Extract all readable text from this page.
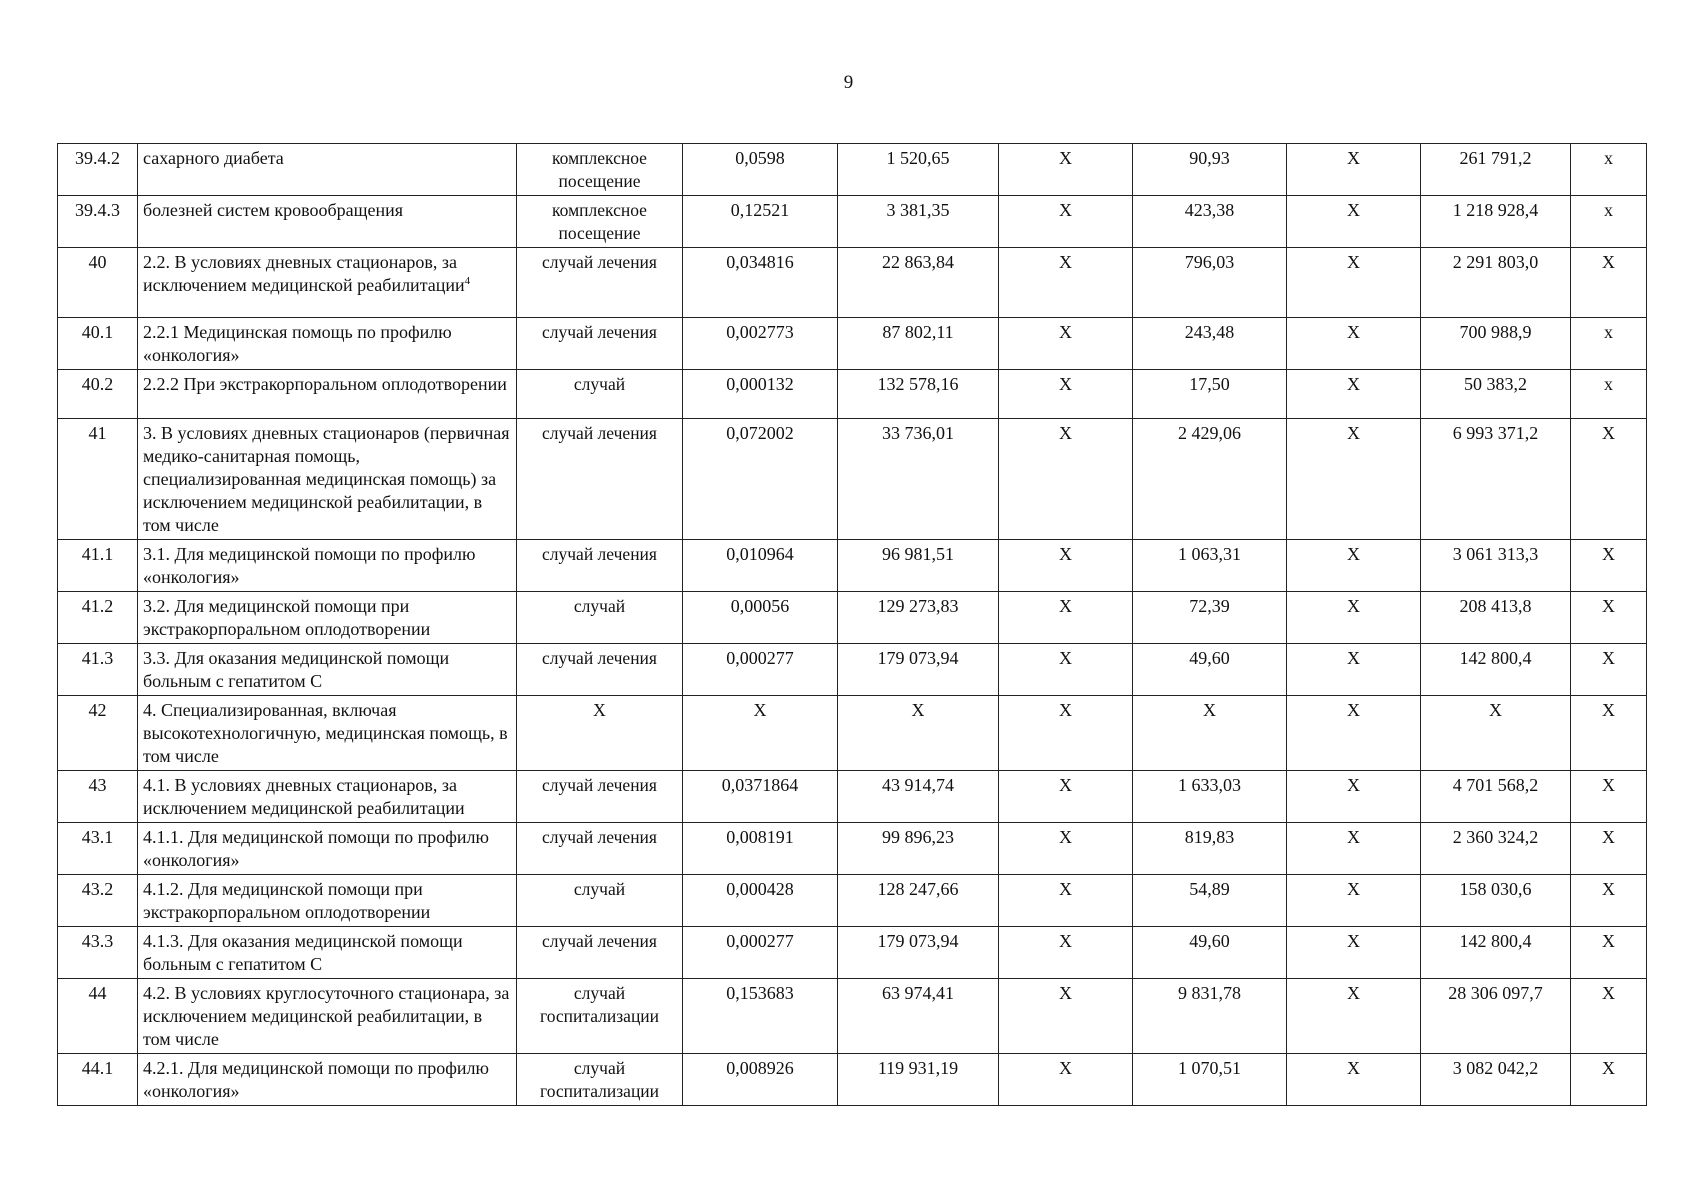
9
39.4.2	сахарного диабета	комплексное посещение	0,0598	1 520,65	Х	90,93	Х	261 791,2	х
39.4.3	болезней систем кровообращения	комплексное посещение	0,12521	3 381,35	Х	423,38	Х	1 218 928,4	х
40	2.2. В условиях дневных стационаров, за исключением медицинской реабилитации$^4$	случай лечения	0,034816	22 863,84	Х	796,03	Х	2 291 803,0	Х
40.1	2.2.1 Медицинская помощь по профилю «онкология»	случай лечения	0,002773	87 802,11	Х	243,48	Х	700 988,9	х
40.2	2.2.2 При экстракорпоральном оплодотворении	случай	0,000132	132 578,16	Х	17,50	Х	50 383,2	х
41	3. В условиях дневных стационаров (первичная медико-санитарная помощь, специализированная медицинская помощь) за исключением медицинской реабилитации, в том числе	случай лечения	0,072002	33 736,01	Х	2 429,06	Х	6 993 371,2	Х
41.1	3.1. Для медицинской помощи по профилю «онкология»	случай лечения	0,010964	96 981,51	Х	1 063,31	Х	3 061 313,3	Х
41.2	3.2. Для медицинской помощи при экстракорпоральном оплодотворении	случай	0,00056	129 273,83	Х	72,39	Х	208 413,8	Х
41.3	3.3. Для оказания медицинской помощи больным с гепатитом С	случай лечения	0,000277	179 073,94	Х	49,60	Х	142 800,4	Х
42	4. Специализированная, включая высокотехнологичную, медицинская помощь, в том числе	Х	Х	Х	Х	Х	Х	Х	Х
43	4.1. В условиях дневных стационаров, за исключением медицинской реабилитации	случай лечения	0,0371864	43 914,74	Х	1 633,03	Х	4 701 568,2	Х
43.1	4.1.1. Для медицинской помощи по профилю «онкология»	случай лечения	0,008191	99 896,23	Х	819,83	Х	2 360 324,2	Х
43.2	4.1.2. Для медицинской помощи при экстракорпоральном оплодотворении	случай	0,000428	128 247,66	Х	54,89	Х	158 030,6	Х
43.3	4.1.3. Для оказания медицинской помощи больным с гепатитом С	случай лечения	0,000277	179 073,94	Х	49,60	Х	142 800,4	Х
44	4.2. В условиях круглосуточного стационара, за исключением медицинской реабилитации, в том числе	случай госпитализации	0,153683	63 974,41	Х	9 831,78	Х	28 306 097,7	Х
44.1	4.2.1. Для медицинской помощи по профилю «онкология»	случай госпитализации	0,008926	119 931,19	Х	1 070,51	Х	3 082 042,2	Х
